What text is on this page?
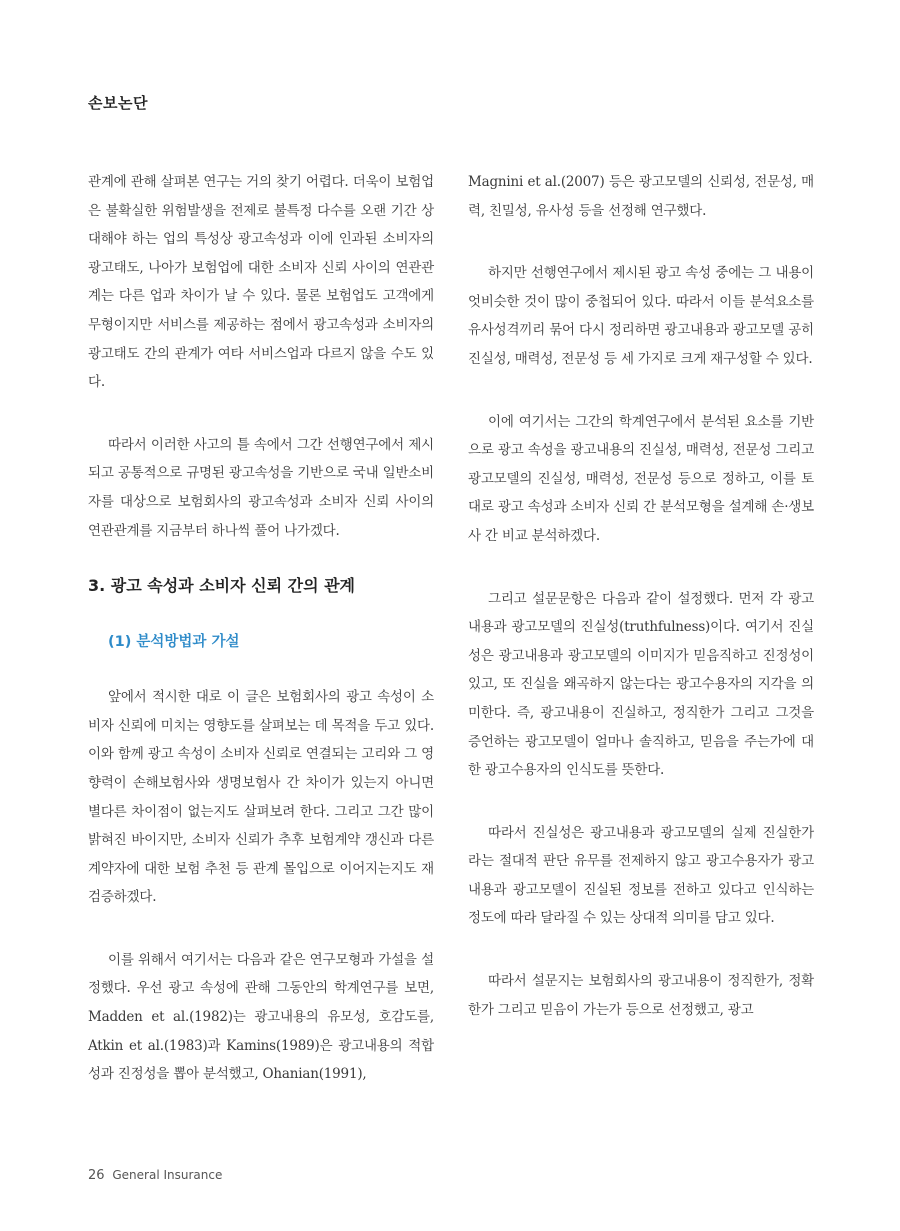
손보논단

관계에 관해 살펴본 연구는 거의 찾기 어렵다. 더욱이 보험업은 불확실한 위험발생을 전제로 불특정 다수를 오랜 기간 상대해야 하는 업의 특성상 광고속성과 이에 인과된 소비자의 광고태도, 나아가 보험업에 대한 소비자 신뢰 사이의 연관관계는 다른 업과 차이가 날 수 있다. 물론 보험업도 고객에게 무형이지만 서비스를 제공하는 점에서 광고속성과 소비자의 광고태도 간의 관계가 여타 서비스업과 다르지 않을 수도 있다.

따라서 이러한 사고의 틀 속에서 그간 선행연구에서 제시되고 공통적으로 규명된 광고속성을 기반으로 국내 일반소비자를 대상으로 보험회사의 광고속성과 소비자 신뢰 사이의 연관관계를 지금부터 하나씩 풀어 나가겠다.

3. 광고 속성과 소비자 신뢰 간의 관계
(1) 분석방법과 가설

앞에서 적시한 대로 이 글은 보험회사의 광고 속성이 소비자 신뢰에 미치는 영향도를 살펴보는 데 목적을 두고 있다. 이와 함께 광고 속성이 소비자 신뢰로 연결되는 고리와 그 영향력이 손해보험사와 생명보험사 간 차이가 있는지 아니면 별다른 차이점이 없는지도 살펴보려 한다. 그리고 그간 많이 밝혀진 바이지만, 소비자 신뢰가 추후 보험계약 갱신과 다른 계약자에 대한 보험 추천 등 관계 몰입으로 이어지는지도 재검증하겠다.

이를 위해서 여기서는 다음과 같은 연구모형과 가설을 설정했다. 우선 광고 속성에 관해 그동안의 학계연구를 보면, Madden et al.(1982)는 광고내용의 유모성, 호감도를, Atkin et al.(1983)과 Kamins(1989)은 광고내용의 적합성과 진정성을 뽑아 분석했고, Ohanian(1991),

Magnini et al.(2007) 등은 광고모델의 신뢰성, 전문성, 매력, 친밀성, 유사성 등을 선정해 연구했다.

하지만 선행연구에서 제시된 광고 속성 중에는 그 내용이 엇비슷한 것이 많이 중첩되어 있다. 따라서 이들 분석요소를 유사성격끼리 묶어 다시 정리하면 광고내용과 광고모델 공히 진실성, 매력성, 전문성 등 세 가지로 크게 재구성할 수 있다.

이에 여기서는 그간의 학계연구에서 분석된 요소를 기반으로 광고 속성을 광고내용의 진실성, 매력성, 전문성 그리고 광고모델의 진실성, 매력성, 전문성 등으로 정하고, 이를 토대로 광고 속성과 소비자 신뢰 간 분석모형을 설계해 손·생보사 간 비교 분석하겠다.

그리고 설문문항은 다음과 같이 설정했다. 먼저 각 광고내용과 광고모델의 진실성(truthfulness)이다. 여기서 진실성은 광고내용과 광고모델의 이미지가 믿음직하고 진정성이 있고, 또 진실을 왜곡하지 않는다는 광고수용자의 지각을 의미한다. 즉, 광고내용이 진실하고, 정직한가 그리고 그것을 증언하는 광고모델이 얼마나 솔직하고, 믿음을 주는가에 대한 광고수용자의 인식도를 뜻한다.

따라서 진실성은 광고내용과 광고모델의 실제 진실한가라는 절대적 판단 유무를 전제하지 않고 광고수용자가 광고내용과 광고모델이 진실된 정보를 전하고 있다고 인식하는 정도에 따라 달라질 수 있는 상대적 의미를 담고 있다.

따라서 설문지는 보험회사의 광고내용이 정직한가, 정확한가 그리고 믿음이 가는가 등으로 선정했고, 광고

26 General Insurance
